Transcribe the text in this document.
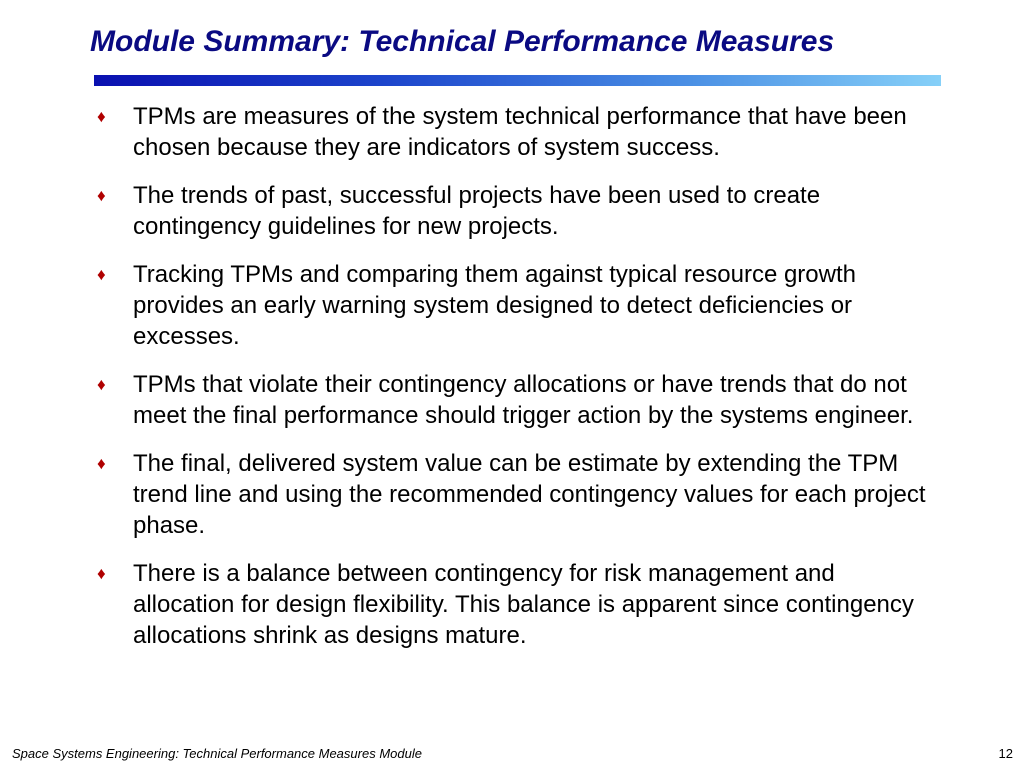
Module Summary: Technical Performance Measures
♦ TPMs are measures of the system technical performance that have been chosen because they are indicators of system success.
♦ The trends of past, successful projects have been used to create contingency guidelines for new projects.
♦ Tracking TPMs and comparing them against typical resource growth provides an early warning system designed to detect deficiencies or excesses.
♦ TPMs that violate their contingency allocations or have trends that do not meet the final performance should trigger action by the systems engineer.
♦ The final, delivered system value can be estimate by extending the TPM trend line and using the recommended contingency values for each project phase.
♦ There is a balance between contingency for risk management and allocation for design flexibility. This balance is apparent since contingency allocations shrink as designs mature.
Space Systems Engineering: Technical Performance Measures Module	12
